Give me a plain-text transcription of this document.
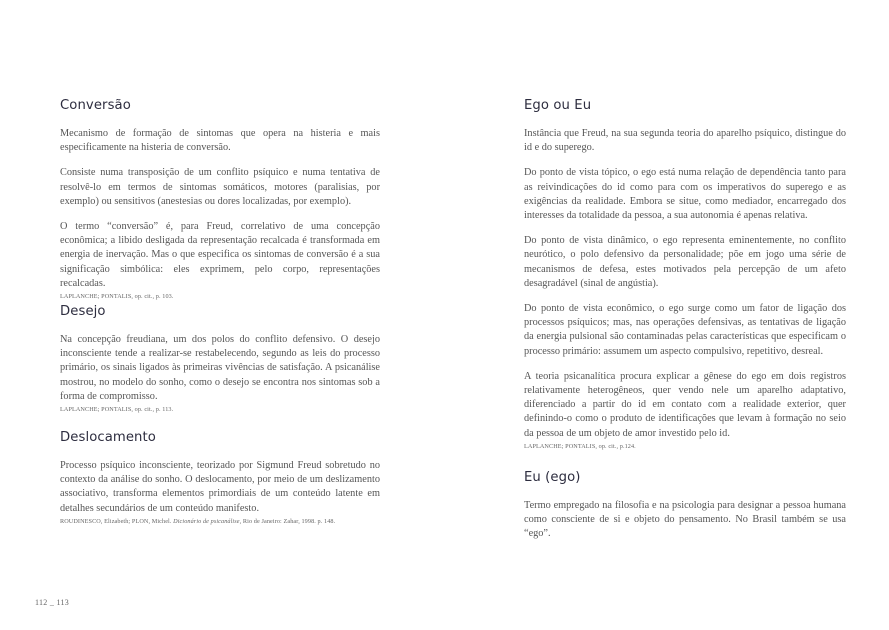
Conversão

Mecanismo de formação de sintomas que opera na histeria e mais especificamente na histeria de conversão.

Consiste numa transposição de um conflito psíquico e numa tentativa de resolvê-lo em termos de sintomas somáticos, motores (paralisias, por exemplo) ou sensitivos (anestesias ou dores localizadas, por exemplo).

O termo “conversão” é, para Freud, correlativo de uma concepção econômica; a libido desligada da representação recalcada é transformada em energia de inervação. Mas o que especifica os sintomas de conversão é a sua significação simbólica: eles exprimem, pelo corpo, representações recalcadas.

LAPLANCHE; PONTALIS, op. cit., p. 103.
Desejo

Na concepção freudiana, um dos polos do conflito defensivo. O desejo inconsciente tende a realizar-se restabelecendo, segundo as leis do processo primário, os sinais ligados às primeiras vivências de satisfação. A psicanálise mostrou, no modelo do sonho, como o desejo se encontra nos sintomas sob a forma de compromisso.

LAPLANCHE; PONTALIS, op. cit., p. 113.
Deslocamento

Processo psíquico inconsciente, teorizado por Sigmund Freud sobretudo no contexto da análise do sonho. O deslocamento, por meio de um deslizamento associativo, transforma elementos primordiais de um conteúdo latente em detalhes secundários de um conteúdo manifesto.

ROUDINESCO, Elizabeth; PLON, Michel. Dicionário de psicanálise, Rio de Janeiro: Zahar, 1998. p. 148.
Ego ou Eu

Instância que Freud, na sua segunda teoria do aparelho psíquico, distingue do id e do superego.

Do ponto de vista tópico, o ego está numa relação de dependência tanto para as reivindicações do id como para com os imperativos do superego e as exigências da realidade. Embora se situe, como mediador, encarregado dos interesses da totalidade da pessoa, a sua autonomia é apenas relativa.

Do ponto de vista dinâmico, o ego representa eminentemente, no conflito neurótico, o polo defensivo da personalidade; põe em jogo uma série de mecanismos de defesa, estes motivados pela percepção de um afeto desagradável (sinal de angústia).

Do ponto de vista econômico, o ego surge como um fator de ligação dos processos psíquicos; mas, nas operações defensivas, as tentativas de ligação da energia pulsional são contaminadas pelas características que especificam o processo primário: assumem um aspecto compulsivo, repetitivo, desreal.

A teoria psicanalítica procura explicar a gênese do ego em dois registros relativamente heterogêneos, quer vendo nele um aparelho adaptativo, diferenciado a partir do id em contato com a realidade exterior, quer definindo-o como o produto de identificações que levam à formação no seio da pessoa de um objeto de amor investido pelo id.

LAPLANCHE; PONTALIS, op. cit., p.124.
Eu (ego)

Termo empregado na filosofia e na psicologia para designar a pessoa humana como consciente de si e objeto do pensamento. No Brasil também se usa “ego”.

112 _ 113
